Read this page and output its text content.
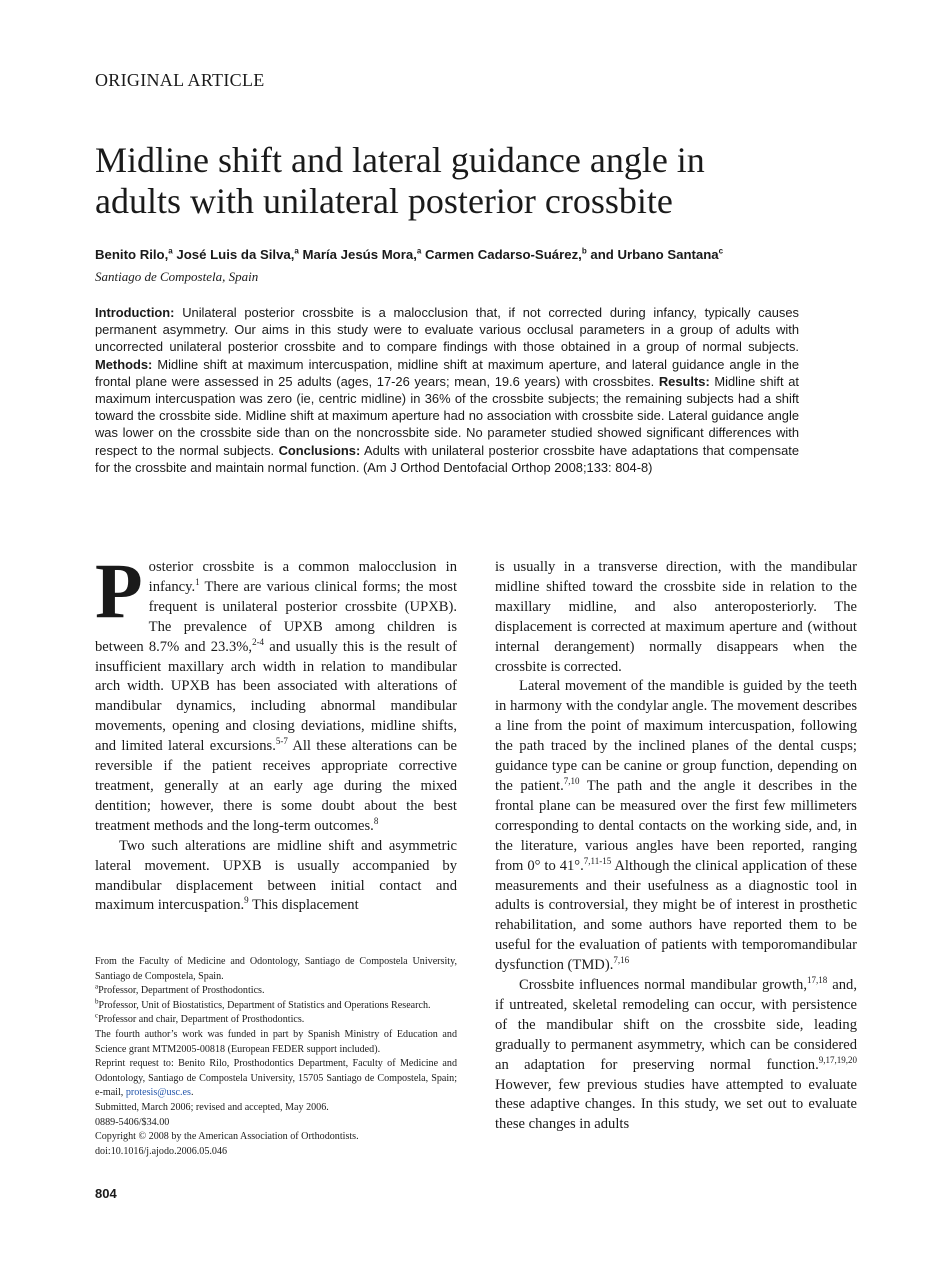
ORIGINAL ARTICLE
Midline shift and lateral guidance angle in
adults with unilateral posterior crossbite
Benito Rilo,$^a$ José Luis da Silva,$^a$ María Jesús Mora,$^a$ Carmen Cadarso-Suárez,$^b$ and Urbano Santana$^c$
Santiago de Compostela, Spain

Introduction: Unilateral posterior crossbite is a malocclusion that, if not corrected during infancy, typically causes permanent asymmetry. Our aims in this study were to evaluate various occlusal parameters in a group of adults with uncorrected unilateral posterior crossbite and to compare findings with those obtained in a group of normal subjects. Methods: Midline shift at maximum intercuspation, midline shift at maximum aperture, and lateral guidance angle in the frontal plane were assessed in 25 adults (ages, 17-26 years; mean, 19.6 years) with crossbites. Results: Midline shift at maximum intercuspation was zero (ie, centric midline) in 36% of the crossbite subjects; the remaining subjects had a shift toward the crossbite side. Midline shift at maximum aperture had no association with crossbite side. Lateral guidance angle was lower on the crossbite side than on the noncrossbite side. No parameter studied showed significant differences with respect to the normal subjects. Conclusions: Adults with unilateral posterior crossbite have adaptations that compensate for the crossbite and maintain normal function. (Am J Orthod Dentofacial Orthop 2008;133: 804-8)

Posterior crossbite is a common malocclusion in infancy.$^1$ There are various clinical forms; the most frequent is unilateral posterior crossbite (UPXB). The prevalence of UPXB among children is between 8.7% and 23.3%,$^{2-4}$ and usually this is the result of insufficient maxillary arch width in relation to mandibular arch width. UPXB has been associated with alterations of mandibular dynamics, including abnormal mandibular movements, opening and closing deviations, midline shifts, and limited lateral excursions.$^{5-7}$ All these alterations can be reversible if the patient receives appropriate corrective treatment, generally at an early age during the mixed dentition; however, there is some doubt about the best treatment methods and the long-term outcomes.$^8$

Two such alterations are midline shift and asymmetric lateral movement. UPXB is usually accompanied by mandibular displacement between initial contact and maximum intercuspation.$^9$ This displacement

From the Faculty of Medicine and Odontology, Santiago de Compostela University, Santiago de Compostela, Spain.

$^a$Professor, Department of Prosthodontics.

$^b$Professor, Unit of Biostatistics, Department of Statistics and Operations Research.

$^c$Professor and chair, Department of Prosthodontics.

The fourth author’s work was funded in part by Spanish Ministry of Education and Science grant MTM2005-00818 (European FEDER support included).

Reprint request to: Benito Rilo, Prosthodontics Department, Faculty of Medicine and Odontology, Santiago de Compostela University, 15705 Santiago de Compostela, Spain; e-mail, protesis@usc.es.

Submitted, March 2006; revised and accepted, May 2006.

0889-5406/$34.00

Copyright © 2008 by the American Association of Orthodontists.

doi:10.1016/j.ajodo.2006.05.046

804

is usually in a transverse direction, with the mandibular midline shifted toward the crossbite side in relation to the maxillary midline, and also anteroposteriorly. The displacement is corrected at maximum aperture and (without internal derangement) normally disappears when the crossbite is corrected.

Lateral movement of the mandible is guided by the teeth in harmony with the condylar angle. The movement describes a line from the point of maximum intercuspation, following the path traced by the inclined planes of the dental cusps; guidance type can be canine or group function, depending on the patient.$^{7,10}$ The path and the angle it describes in the frontal plane can be measured over the first few millimeters corresponding to dental contacts on the working side, and, in the literature, various angles have been reported, ranging from 0° to 41°.$^{7,11-15}$ Although the clinical application of these measurements and their usefulness as a diagnostic tool in adults is controversial, they might be of interest in prosthetic rehabilitation, and some authors have reported them to be useful for the evaluation of patients with temporomandibular dysfunction (TMD).$^{7,16}$

Crossbite influences normal mandibular growth,$^{17,18}$ and, if untreated, skeletal remodeling can occur, with persistence of the mandibular shift on the crossbite side, leading gradually to permanent asymmetry, which can be considered an adaptation for preserving normal function.$^{9,17,19,20}$ However, few previous studies have attempted to evaluate these adaptive changes. In this study, we set out to evaluate these changes in adults
